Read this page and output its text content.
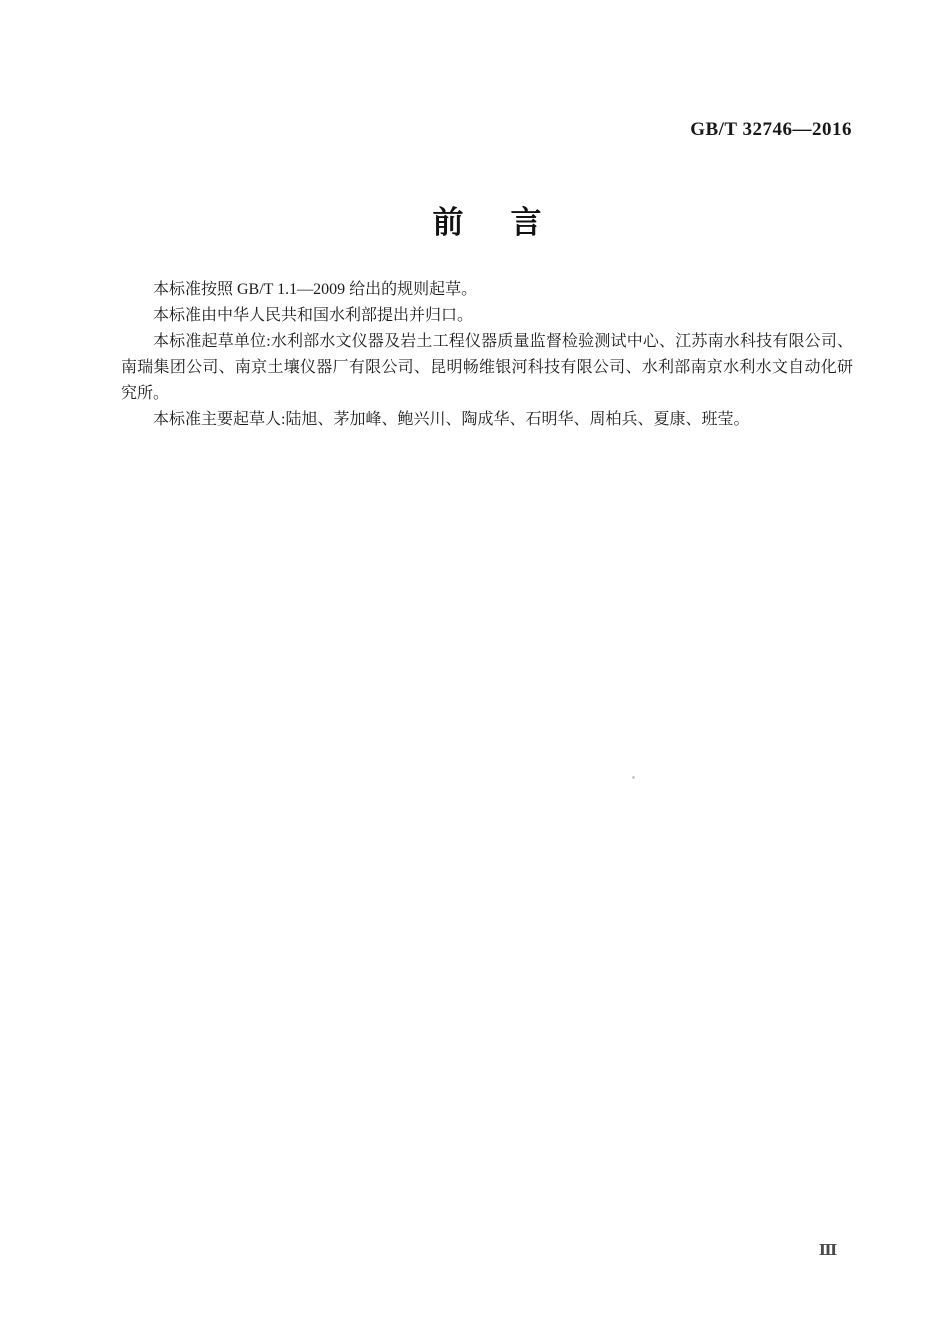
GB/T 32746—2016
前　言

本标准按照 GB/T 1.1—2009 给出的规则起草。

本标准由中华人民共和国水利部提出并归口。

本标准起草单位:水利部水文仪器及岩土工程仪器质量监督检验测试中心、江苏南水科技有限公司、南瑞集团公司、南京土壤仪器厂有限公司、昆明畅维银河科技有限公司、水利部南京水利水文自动化研究所。

本标准主要起草人:陆旭、茅加峰、鲍兴川、陶成华、石明华、周柏兵、夏康、班莹。

Ⅲ
